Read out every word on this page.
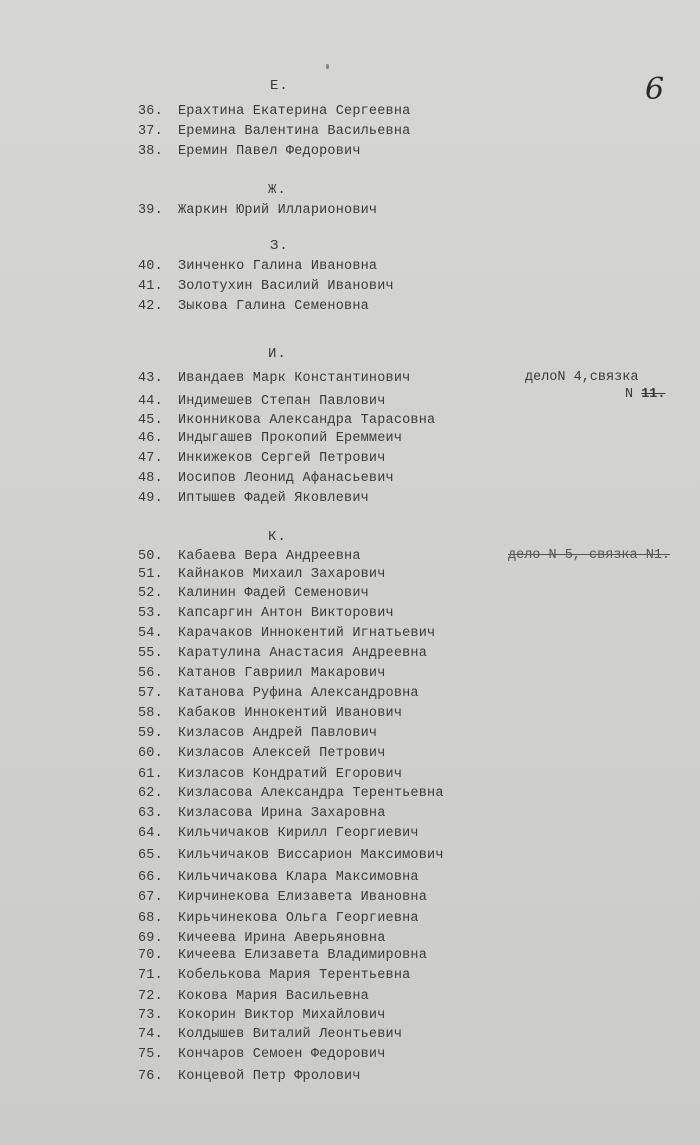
6
Е.
36. Ерахтина Екатерина Сергеевна
37. Еремина Валентина Васильевна
38. Еремин Павел Федорович
Ж.
39. Жаркин Юрий Илларионович
З.
40. Зинченко Галина Ивановна
41. Золотухин Василий Иванович
42. Зыкова Галина Семеновна
И.
43. Ивандаев Марк Константинович	делоN 4,связка
N 11.
44. Индимешев Степан Павлович
45. Иконникова Александра Тарасовна
46. Индыгашев Прокопий Ереммеич
47. Инкижеков Сергей Петрович
48. Иосипов Леонид Афанасьевич
49. Иптышев Фадей Яковлевич
К.
дело N 5, связка N1.
50. Кабаева Вера Андреевна
51. Кайнаков Михаил Захарович
52. Калинин Фадей Семенович
53. Капсаргин Антон Викторович
54. Карачаков Иннокентий Игнатьевич
55. Каратулина Анастасия Андреевна
56. Катанов Гавриил Макарович
57. Катанова Руфина Александровна
58. Кабаков Иннокентий Иванович
59. Кизласов Андрей Павлович
60. Кизласов Алексей Петрович
61. Кизласов Кондратий Егорович
62. Кизласова Александра Терентьевна
63. Кизласова Ирина Захаровна
64. Кильчичаков Кирилл Георгиевич
65. Кильчичаков Виссарион Максимович
66. Кильчичакова Клара Максимовна
67. Кирчинекова Елизавета Ивановна
68. Кирьчинекова Ольга Георгиевна
69. Кичеева Ирина Аверьяновна
70. Кичеева Елизавета Владимировна
71. Кобелькова Мария Терентьевна
72. Кокова Мария Васильевна
73. Кокорин Виктор Михайлович
74. Колдышев Виталий Леонтьевич
75. Кончаров Семоен Федорович
76. Концевой Петр Фролович
